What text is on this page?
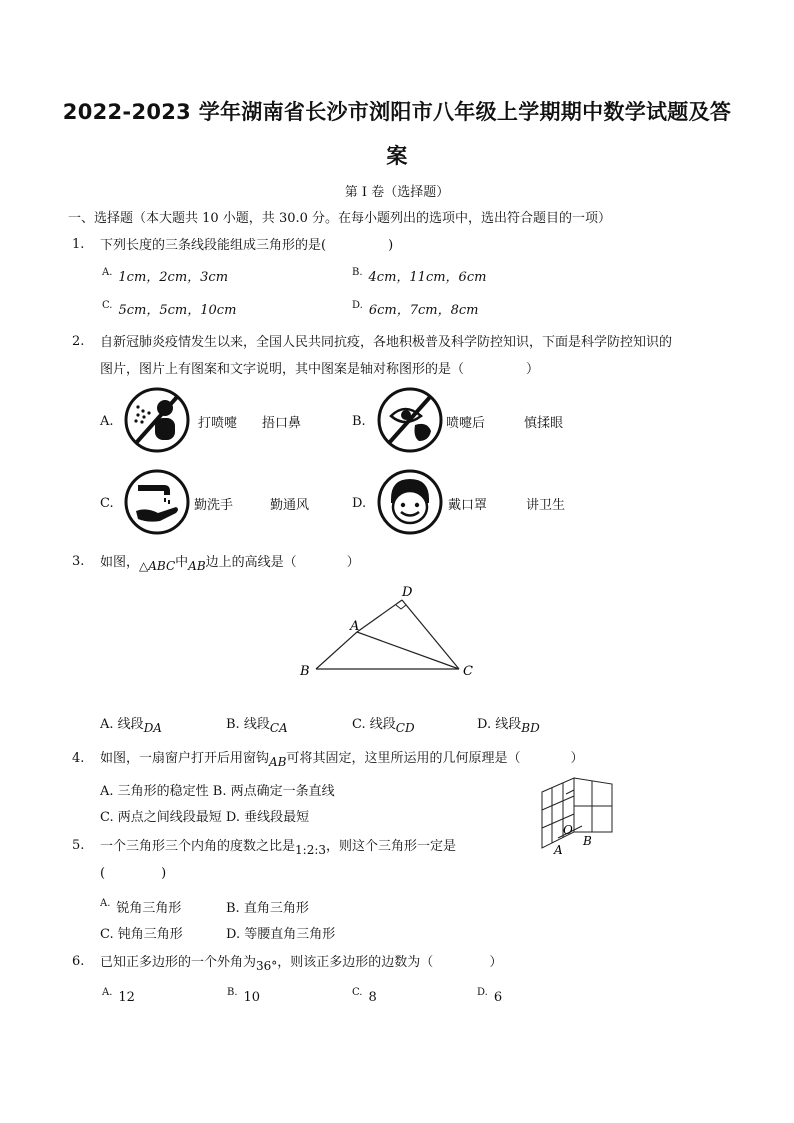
2022-2023 学年湖南省长沙市浏阳市八年级上学期期中数学试题及答
案
第 I 卷（选择题）
一、选择题（本大题共 10 小题，共 30.0 分。在每小题列出的选项中，选出符合题目的一项）
1. 下列长度的三条线段能组成三角形的是(	)
$^{A.}$ 1cm，2cm，3cm	$^{B.}$ 4cm，11cm，6cm
$^{C.}$ 5cm，5cm，10cm	$^{D.}$ 6cm，7cm，8cm
2. 自新冠肺炎疫情发生以来，全国人民共同抗疫，各地积极普及科学防控知识，下面是科学防控知识的
图片，图片上有图案和文字说明，其中图案是轴对称图形的是（	）
A.	打喷嚏 捂口鼻	B.	喷嚏后	慎揉眼
C.	勤洗手	勤通风	D.	戴口罩	讲卫生
3. 如图，△ABC中AB边上的高线是（	）
D
A
B	C
A. 线段DA	B. 线段CA	C. 线段CD	D. 线段BD
4. 如图，一扇窗户打开后用窗钩AB可将其固定，这里所运用的几何原理是（	）
A. 三角形的稳定性 B. 两点确定一条直线
C. 两点之间线段最短 D. 垂线段最短
O
A
B
5. 一个三角形三个内角的度数之比是1:2:3，则这个三角形一定是
(	)
$^{A.}$ 锐角三角形	B. 直角三角形
C. 钝角三角形	D. 等腰直角三角形
6. 已知正多边形的一个外角为36°，则该正多边形的边数为（	）
$^{A.}$ 12	$^{B.}$ 10	$^{C.}$ 8	$^{D.}$ 6
